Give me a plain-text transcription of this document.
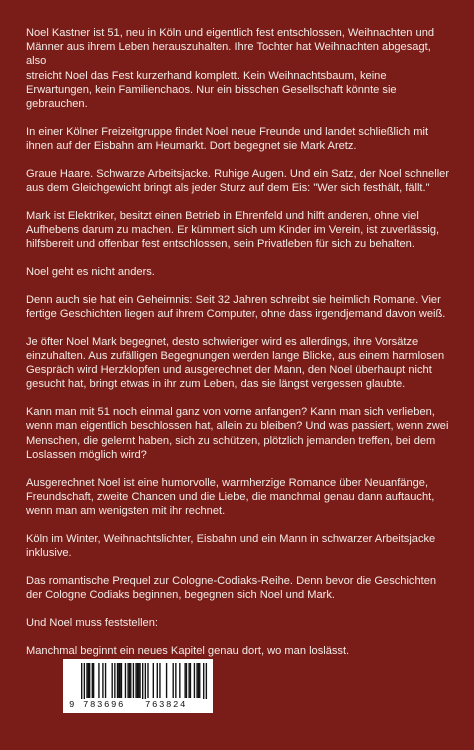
Noel Kastner ist 51, neu in Köln und eigentlich fest entschlossen, Weihnachten und
Männer aus ihrem Leben herauszuhalten. Ihre Tochter hat Weihnachten abgesagt, also
streicht Noel das Fest kurzerhand komplett. Kein Weihnachtsbaum, keine
Erwartungen, kein Familienchaos. Nur ein bisschen Gesellschaft könnte sie
gebrauchen.

In einer Kölner Freizeitgruppe findet Noel neue Freunde und landet schließlich mit
ihnen auf der Eisbahn am Heumarkt. Dort begegnet sie Mark Aretz.

Graue Haare. Schwarze Arbeitsjacke. Ruhige Augen. Und ein Satz, der Noel schneller
aus dem Gleichgewicht bringt als jeder Sturz auf dem Eis: "Wer sich festhält, fällt."

Mark ist Elektriker, besitzt einen Betrieb in Ehrenfeld und hilft anderen, ohne viel
Aufhebens darum zu machen. Er kümmert sich um Kinder im Verein, ist zuverlässig,
hilfsbereit und offenbar fest entschlossen, sein Privatleben für sich zu behalten.

Noel geht es nicht anders.

Denn auch sie hat ein Geheimnis: Seit 32 Jahren schreibt sie heimlich Romane. Vier
fertige Geschichten liegen auf ihrem Computer, ohne dass irgendjemand davon weiß.

Je öfter Noel Mark begegnet, desto schwieriger wird es allerdings, ihre Vorsätze
einzuhalten. Aus zufälligen Begegnungen werden lange Blicke, aus einem harmlosen
Gespräch wird Herzklopfen und ausgerechnet der Mann, den Noel überhaupt nicht
gesucht hat, bringt etwas in ihr zum Leben, das sie längst vergessen glaubte.

Kann man mit 51 noch einmal ganz von vorne anfangen? Kann man sich verlieben,
wenn man eigentlich beschlossen hat, allein zu bleiben? Und was passiert, wenn zwei
Menschen, die gelernt haben, sich zu schützen, plötzlich jemanden treffen, bei dem
Loslassen möglich wird?

Ausgerechnet Noel ist eine humorvolle, warmherzige Romance über Neuanfänge,
Freundschaft, zweite Chancen und die Liebe, die manchmal genau dann auftaucht,
wenn man am wenigsten mit ihr rechnet.

Köln im Winter, Weihnachtslichter, Eisbahn und ein Mann in schwarzer Arbeitsjacke
inklusive.

Das romantische Prequel zur Cologne-Codiaks-Reihe. Denn bevor die Geschichten
der Cologne Codiaks beginnen, begegnen sich Noel und Mark.

Und Noel muss feststellen:

Manchmal beginnt ein neues Kapitel genau dort, wo man loslässt.

9 783696 763824
